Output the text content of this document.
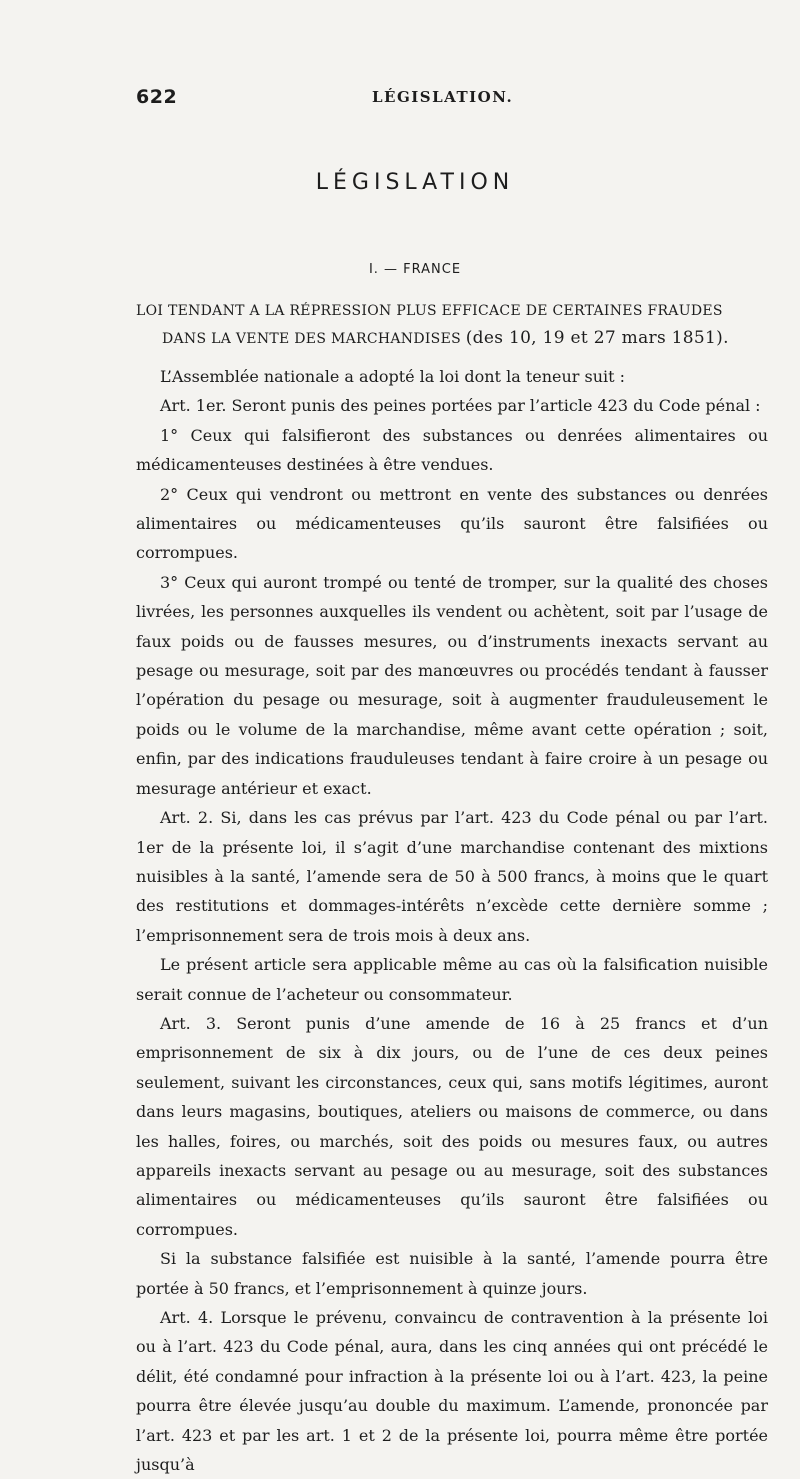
622	LÉGISLATION.
LÉGISLATION
I. — FRANCE
LOI TENDANT A LA RÉPRESSION PLUS EFFICACE DE CERTAINES FRAUDES
DANS LA VENTE DES MARCHANDISES (des 10, 19 et 27 mars 1851).

L’Assemblée nationale a adopté la loi dont la teneur suit :

Art. 1er. Seront punis des peines portées par l’article 423 du Code pénal :

1° Ceux qui falsifieront des substances ou denrées alimentaires ou médicamenteuses destinées à être vendues.

2° Ceux qui vendront ou mettront en vente des substances ou denrées alimentaires ou médicamenteuses qu’ils sauront être falsifiées ou corrompues.

3° Ceux qui auront trompé ou tenté de tromper, sur la qualité des choses livrées, les personnes auxquelles ils vendent ou achètent, soit par l’usage de faux poids ou de fausses mesures, ou d’instruments inexacts servant au pesage ou mesurage, soit par des manœuvres ou procédés tendant à fausser l’opération du pesage ou mesurage, soit à augmenter frauduleusement le poids ou le volume de la marchandise, même avant cette opération ; soit, enfin, par des indications frauduleuses tendant à faire croire à un pesage ou mesurage antérieur et exact.

Art. 2. Si, dans les cas prévus par l’art. 423 du Code pénal ou par l’art. 1er de la présente loi, il s’agit d’une marchandise contenant des mixtions nuisibles à la santé, l’amende sera de 50 à 500 francs, à moins que le quart des restitutions et dommages-intérêts n’excède cette dernière somme ; l’emprisonnement sera de trois mois à deux ans.

Le présent article sera applicable même au cas où la falsification nuisible serait connue de l’acheteur ou consommateur.

Art. 3. Seront punis d’une amende de 16 à 25 francs et d’un emprisonnement de six à dix jours, ou de l’une de ces deux peines seulement, suivant les circonstances, ceux qui, sans motifs légitimes, auront dans leurs magasins, boutiques, ateliers ou maisons de commerce, ou dans les halles, foires, ou marchés, soit des poids ou mesures faux, ou autres appareils inexacts servant au pesage ou au mesurage, soit des substances alimentaires ou médicamenteuses qu’ils sauront être falsifiées ou corrompues.

Si la substance falsifiée est nuisible à la santé, l’amende pourra être portée à 50 francs, et l’emprisonnement à quinze jours.

Art. 4. Lorsque le prévenu, convaincu de contravention à la présente loi ou à l’art. 423 du Code pénal, aura, dans les cinq années qui ont précédé le délit, été condamné pour infraction à la présente loi ou à l’art. 423, la peine pourra être élevée jusqu’au double du maximum. L’amende, prononcée par l’art. 423 et par les art. 1 et 2 de la présente loi, pourra même être portée jusqu’à
